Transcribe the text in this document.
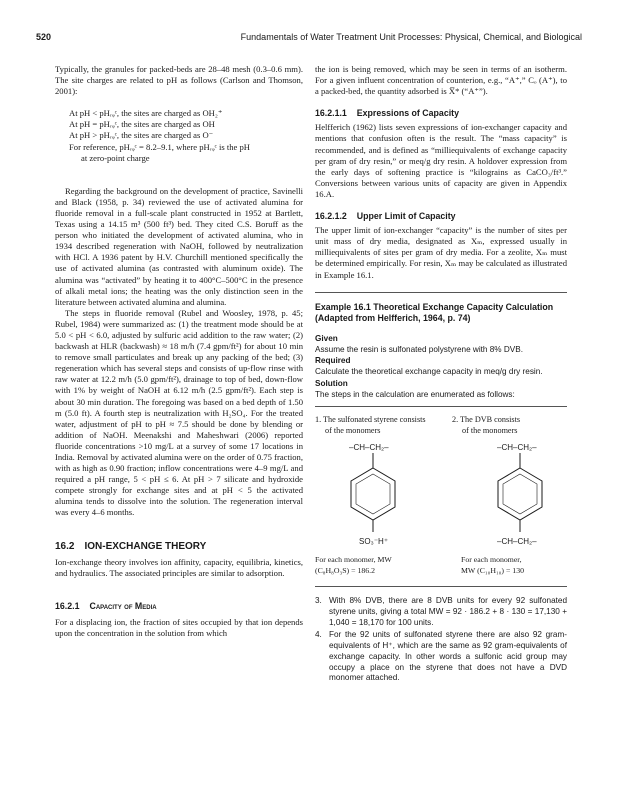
520	Fundamentals of Water Treatment Unit Processes: Physical, Chemical, and Biological

Typically, the granules for packed-beds are 28–48 mesh (0.3–0.6 mm). The site charges are related to pH as follows (Carlson and Thomson, 2001):

At pH < pHᵣᵩᶜ, the sites are charged as OH₂⁺
At pH = pHᵣᵩᶜ, the sites are charged as OH
At pH > pHᵣᵩᶜ, the sites are charged as O⁻
For reference, pHᵣᵩᶜ = 8.2–9.1, where pHᵣᵩᶜ is the pH
at zero-point charge

Regarding the background on the development of practice, Savinelli and Black (1958, p. 34) reviewed the use of activated alumina for fluoride removal in a full-scale plant constructed in 1952 at Bartlett, Texas using a 14.15 m³ (500 ft³) bed. They cited C.S. Boruff as the person who initiated the development of activated alumina, who in 1934 described regeneration with NaOH, followed by neutralization with HCl. A 1936 patent by H.V. Churchill mentioned specifically the use of activated alumina (as contrasted with aluminum oxide). The alumina was “activated” by heating it to 400°C–500°C in the presence of alkali metal ions; the heating was the only distinction seen in the literature between activated alumina and alumina.

The steps in fluoride removal (Rubel and Woosley, 1978, p. 45; Rubel, 1984) were summarized as: (1) the treatment mode should be at 5.0 < pH < 6.0, adjusted by sulfuric acid addition to the raw water; (2) backwash at HLR (backwash) ≈ 18 m/h (7.4 gpm/ft²) for about 10 min to remove small particulates and break up any packing of the bed; (3) regeneration which has several steps and consists of up-flow rinse with raw water at 12.2 m/h (5.0 gpm/ft²), drainage to top of bed, down-flow with 1% by weight of NaOH at 6.12 m/h (2.5 gpm/ft²). Each step is about 30 min duration. The foregoing was based on a bed depth of 1.50 m (5.0 ft). A fourth step is neutralization with H₂SO₄. For the treated water, adjustment of pH to pH ≈ 7.5 should be done by blending or addition of NaOH. Meenakshi and Maheshwari (2006) reported fluoride concentrations >10 mg/L at a survey of some 17 locations in India. Removal by activated alumina were on the order of 0.75 fraction, with as high as 0.90 fraction; inflow concentrations were 4–9 mg/L and required a pH range, 5 < pH ≤ 6. At pH > 7 silicate and hydroxide compete strongly for exchange sites and at pH < 5 the activated alumina tends to dissolve into the solution. The regeneration interval was every 4–6 months.

16.2 ION-EXCHANGE THEORY

Ion-exchange theory involves ion affinity, capacity, equilibria, kinetics, and hydraulics. The associated principles are similar to adsorption.

16.2.1 Capacity of Media

For a displacing ion, the fraction of sites occupied by that ion depends upon the concentration in the solution from which

the ion is being removed, which may be seen in terms of an isotherm. For a given influent concentration of counterion, e.g., “A⁺,” Cₒ (A⁺), to a packed-bed, the quantity adsorbed is X̅* (“A⁺”).

16.2.1.1 Expressions of Capacity

Helfferich (1962) lists seven expressions of ion-exchanger capacity and mentions that confusion often is the result. The “mass capacity” is recommended, and is defined as “milliequivalents of exchange capacity per gram of dry resin,” or meq/g dry resin. A holdover expression from the early days of softening practice is “kilograins as CaCO₃/ft³.” Conversions between various units of capacity are given in Appendix 16.A.

16.2.1.2 Upper Limit of Capacity

The upper limit of ion-exchanger “capacity” is the number of sites per unit mass of dry media, designated as Xₘ, expressed usually in milliequivalents of sites per gram of dry media. For a zeolite, Xₘ must be determined empirically. For resin, Xₘ may be calculated as illustrated in Example 16.1.

Example 16.1 Theoretical Exchange Capacity Calculation (Adapted from Helfferich, 1964, p. 74)
Given
Assume the resin is sulfonated polystyrene with 8% DVB.
Required
Calculate the theoretical exchange capacity in meq/g dry resin.
Solution
The steps in the calculation are enumerated as follows:
1. The sulfonated styrene consists
of the monomers
2. The DVB consists
of the monomers
–CH–CH₂–
SO₃⁻H⁺
–CH–CH₂–
–CH–CH₂–
For each monomer, MW
(C₈H₈O₃S) = 186.2
For each monomer,
MW (C₁₀H₁₀) = 130
3. With 8% DVB, there are 8 DVB units for every 92 sulfonated styrene units, giving a total MW = 92 · 186.2 + 8 · 130 = 17,130 + 1,040 = 18,170 for 100 units.
4. For the 92 units of sulfonated styrene there are also 92 gram-equivalents of H⁺, which are the same as 92 gram-equivalents of exchange capacity. In other words a sulfonic acid group may occupy a place on the styrene that does not have a DVD monomer attached.
